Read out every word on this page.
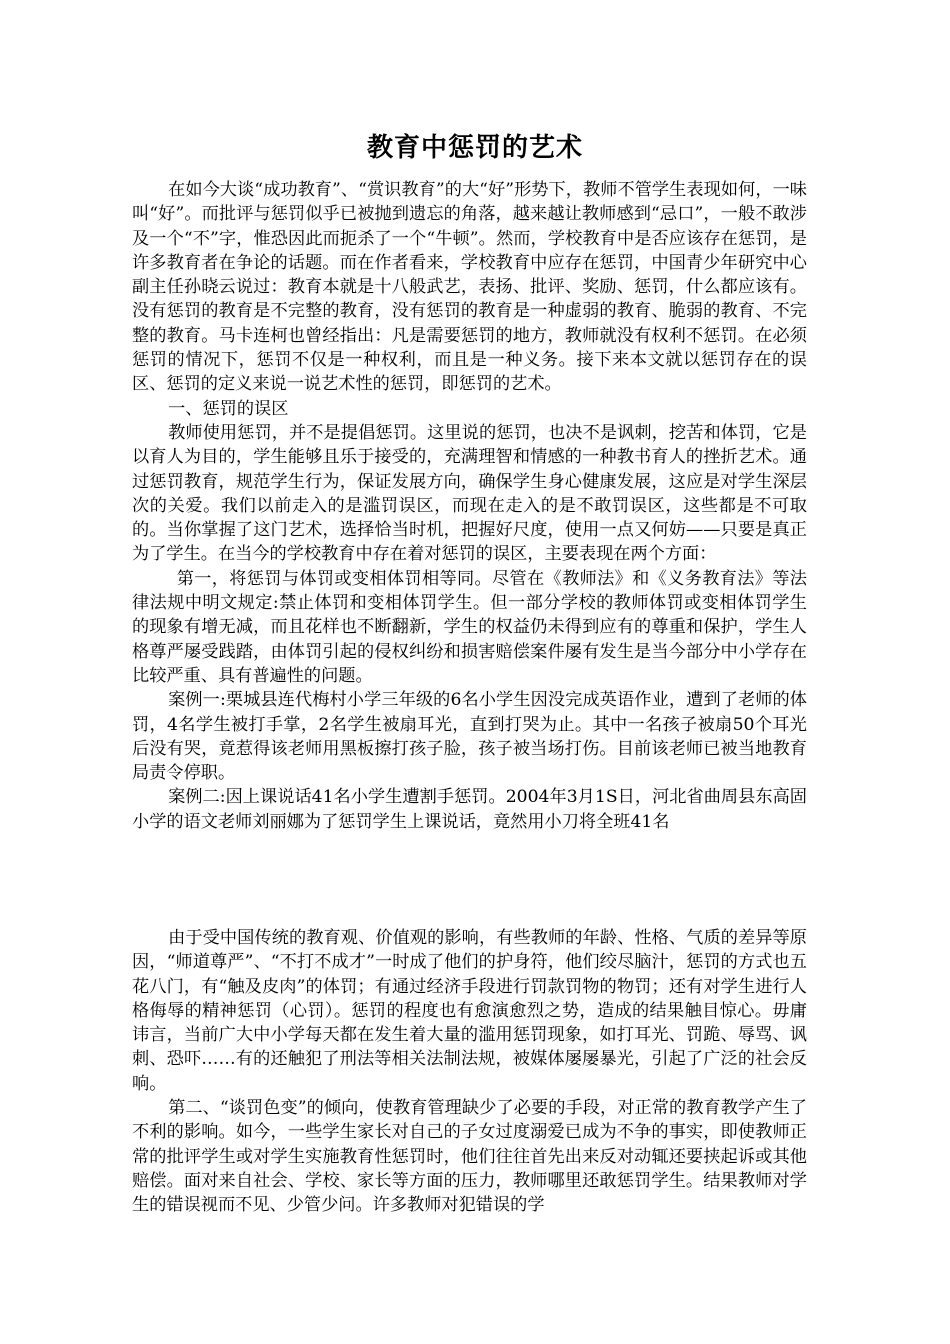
教育中惩罚的艺术

在如今大谈“成功教育”、“赏识教育”的大“好”形势下，教师不管学生表现如何，一味叫“好”。而批评与惩罚似乎已被抛到遗忘的角落，越来越让教师感到“忌口”，一般不敢涉及一个“不”字，惟恐因此而扼杀了一个“牛顿”。然而，学校教育中是否应该存在惩罚，是许多教育者在争论的话题。而在作者看来，学校教育中应存在惩罚，中国青少年研究中心副主任孙晓云说过：教育本就是十八般武艺，表扬、批评、奖励、惩罚，什么都应该有。没有惩罚的教育是不完整的教育，没有惩罚的教育是一种虚弱的教育、脆弱的教育、不完整的教育。马卡连柯也曾经指出：凡是需要惩罚的地方，教师就没有权利不惩罚。在必须惩罚的情况下，惩罚不仅是一种权利，而且是一种义务。接下来本文就以惩罚存在的误区、惩罚的定义来说一说艺术性的惩罚，即惩罚的艺术。

一、惩罚的误区

教师使用惩罚，并不是提倡惩罚。这里说的惩罚，也决不是讽刺，挖苦和体罚，它是以育人为目的，学生能够且乐于接受的，充满理智和情感的一种教书育人的挫折艺术。通过惩罚教育，规范学生行为，保证发展方向，确保学生身心健康发展，这应是对学生深层次的关爱。我们以前走入的是滥罚误区，而现在走入的是不敢罚误区，这些都是不可取的。当你掌握了这门艺术，选择恰当时机，把握好尺度，使用一点又何妨——只要是真正为了学生。在当今的学校教育中存在着对惩罚的误区，主要表现在两个方面：

第一，将惩罚与体罚或变相体罚相等同。尽管在《教师法》和《义务教育法》等法律法规中明文规定:禁止体罚和变相体罚学生。但一部分学校的教师体罚或变相体罚学生的现象有增无减，而且花样也不断翻新，学生的权益仍未得到应有的尊重和保护，学生人格尊严屡受践踏，由体罚引起的侵权纠纷和损害赔偿案件屡有发生是当今部分中小学存在比较严重、具有普遍性的问题。

案例一:栗城县连代梅村小学三年级的6名小学生因没完成英语作业，遭到了老师的体罚，4名学生被打手掌，2名学生被扇耳光，直到打哭为止。其中一名孩子被扇50个耳光后没有哭，竟惹得该老师用黑板擦打孩子脸，孩子被当场打伤。目前该老师已被当地教育局责令停职。

案例二:因上课说话41名小学生遭割手惩罚。2004年3月1S日，河北省曲周县东高固小学的语文老师刘丽娜为了惩罚学生上课说话，竟然用小刀将全班41名

由于受中国传统的教育观、价值观的影响，有些教师的年龄、性格、气质的差异等原因，“师道尊严”、“不打不成才”一时成了他们的护身符，他们绞尽脑汁，惩罚的方式也五花八门，有“触及皮肉”的体罚；有通过经济手段进行罚款罚物的物罚；还有对学生进行人格侮辱的精神惩罚（心罚）。惩罚的程度也有愈演愈烈之势，造成的结果触目惊心。毋庸讳言，当前广大中小学每天都在发生着大量的滥用惩罚现象，如打耳光、罚跪、辱骂、讽刺、恐吓……有的还触犯了刑法等相关法制法规，被媒体屡屡暴光，引起了广泛的社会反响。

第二、“谈罚色变”的倾向，使教育管理缺少了必要的手段，对正常的教育教学产生了不利的影响。如今，一些学生家长对自己的子女过度溺爱已成为不争的事实，即使教师正常的批评学生或对学生实施教育性惩罚时，他们往往首先出来反对动辄还要挟起诉或其他赔偿。面对来自社会、学校、家长等方面的压力，教师哪里还敢惩罚学生。结果教师对学生的错误视而不见、少管少问。许多教师对犯错误的学
